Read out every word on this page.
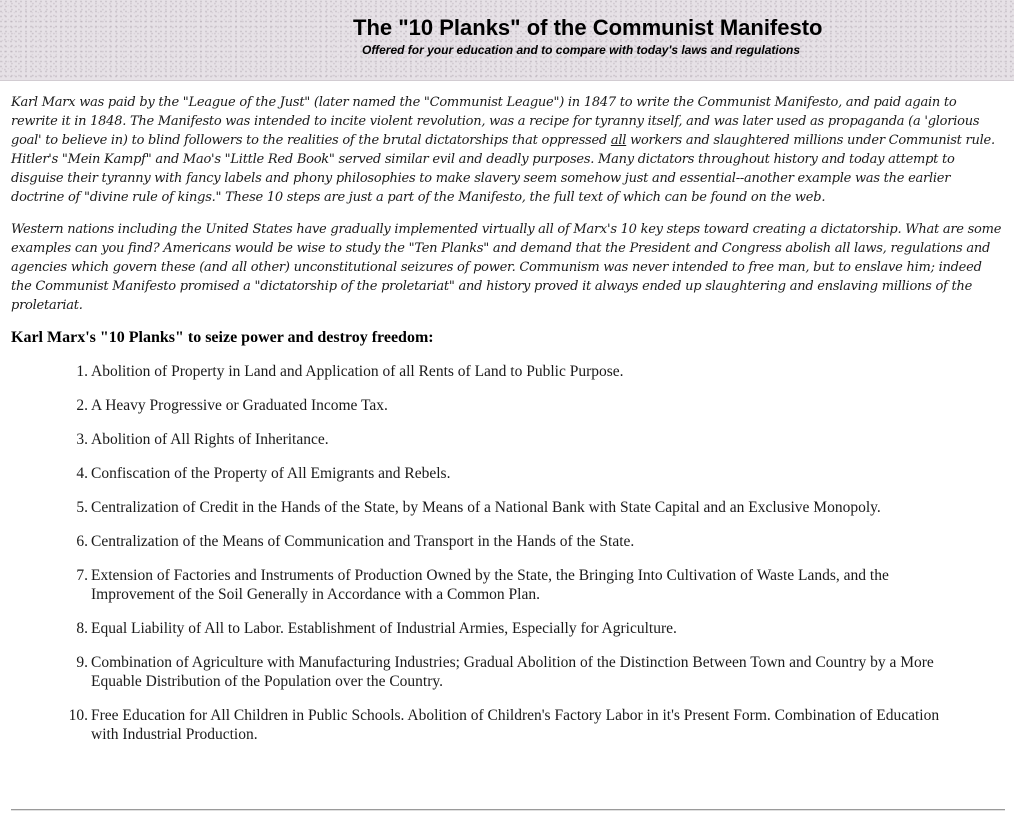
The "10 Planks" of the Communist Manifesto

Offered for your education and to compare with today's laws and regulations

Karl Marx was paid by the "League of the Just" (later named the "Communist League") in 1847 to write the Communist Manifesto, and paid again to rewrite it in 1848. The Manifesto was intended to incite violent revolution, was a recipe for tyranny itself, and was later used as propaganda (a 'glorious goal' to believe in) to blind followers to the realities of the brutal dictatorships that oppressed all workers and slaughtered millions under Communist rule. Hitler's "Mein Kampf" and Mao's "Little Red Book" served similar evil and deadly purposes. Many dictators throughout history and today attempt to disguise their tyranny with fancy labels and phony philosophies to make slavery seem somehow just and essential--another example was the earlier doctrine of "divine rule of kings." These 10 steps are just a part of the Manifesto, the full text of which can be found on the web.

Western nations including the United States have gradually implemented virtually all of Marx's 10 key steps toward creating a dictatorship. What are some examples can you find? Americans would be wise to study the "Ten Planks" and demand that the President and Congress abolish all laws, regulations and agencies which govern these (and all other) unconstitutional seizures of power. Communism was never intended to free man, but to enslave him; indeed the Communist Manifesto promised a "dictatorship of the proletariat" and history proved it always ended up slaughtering and enslaving millions of the proletariat.

Karl Marx's "10 Planks" to seize power and destroy freedom:
1. Abolition of Property in Land and Application of all Rents of Land to Public Purpose.
2. A Heavy Progressive or Graduated Income Tax.
3. Abolition of All Rights of Inheritance.
4. Confiscation of the Property of All Emigrants and Rebels.
5. Centralization of Credit in the Hands of the State, by Means of a National Bank with State Capital and an Exclusive Monopoly.
6. Centralization of the Means of Communication and Transport in the Hands of the State.
7. Extension of Factories and Instruments of Production Owned by the State, the Bringing Into Cultivation of Waste Lands, and the Improvement of the Soil Generally in Accordance with a Common Plan.
8. Equal Liability of All to Labor. Establishment of Industrial Armies, Especially for Agriculture.
9. Combination of Agriculture with Manufacturing Industries; Gradual Abolition of the Distinction Between Town and Country by a More Equable Distribution of the Population over the Country.
10. Free Education for All Children in Public Schools. Abolition of Children's Factory Labor in it's Present Form. Combination of Education with Industrial Production.
